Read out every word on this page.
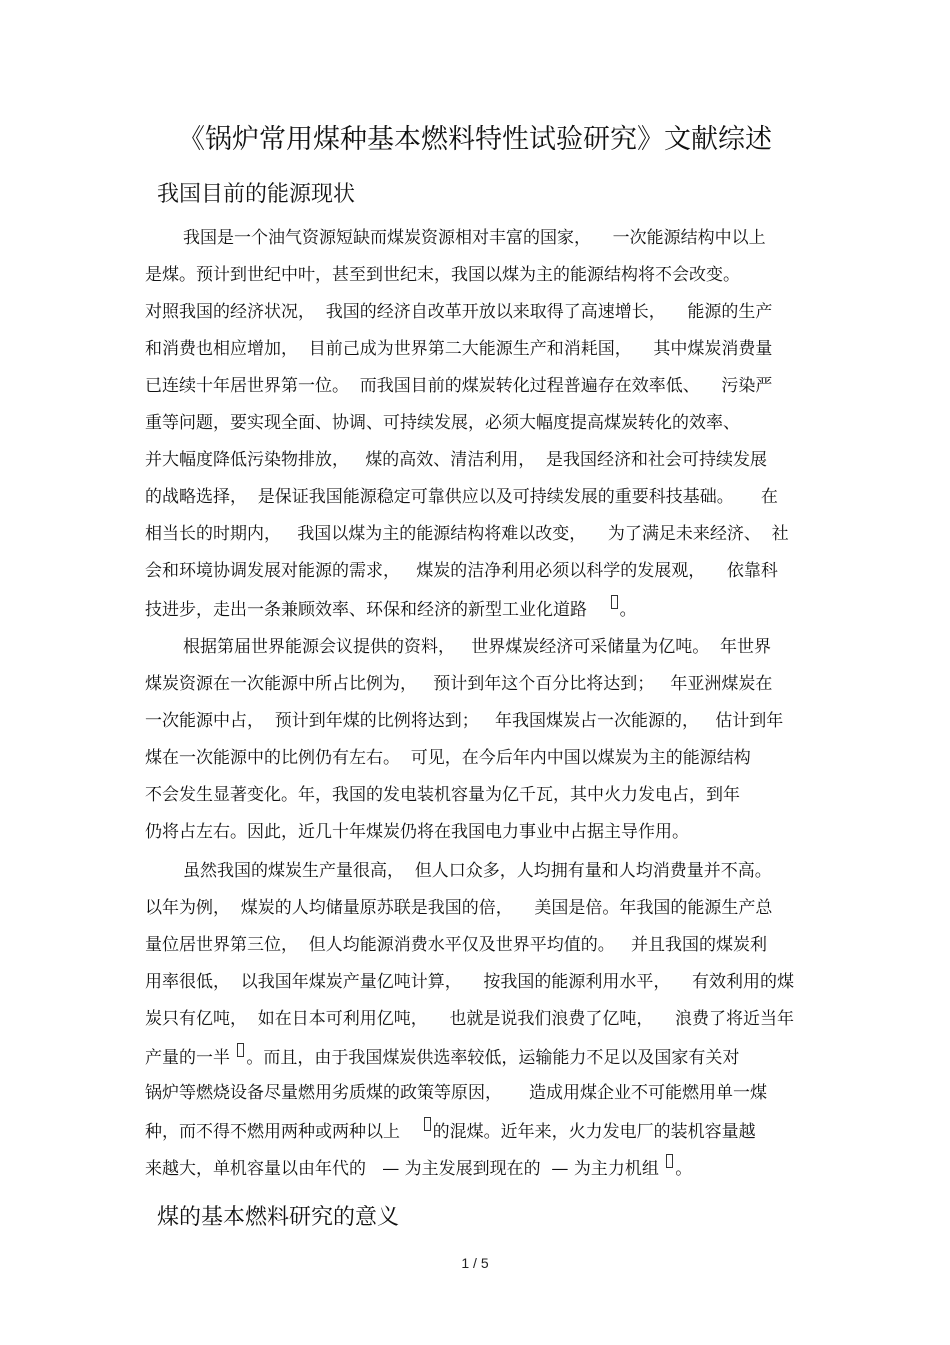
《锅炉常用煤种基本燃料特性试验研究》文献综述
我国目前的能源现状
我国是一个油气资源短缺而煤炭资源相对丰富的国家，    一次能源结构中以上
是煤。预计到世纪中叶，甚至到世纪末，我国以煤为主的能源结构将不会改变。
对照我国的经济状况，  我国的经济自改革开放以来取得了高速增长，    能源的生产
和消费也相应增加，  目前己成为世界第二大能源生产和消耗国，    其中煤炭消费量
已连续十年居世界第一位。  而我国目前的煤炭转化过程普遍存在效率低、    污染严
重等问题，要实现全面、协调、可持续发展，必须大幅度提高煤炭转化的效率、
并大幅度降低污染物排放，   煤的高效、清洁利用，  是我国经济和社会可持续发展
的战略选择，  是保证我国能源稳定可靠供应以及可持续发展的重要科技基础。     在
相当长的时期内，   我国以煤为主的能源结构将难以改变，    为了满足未来经济、  社
会和环境协调发展对能源的需求，   煤炭的洁净利用必须以科学的发展观，    依靠科
技进步，走出一条兼顾效率、环保和经济的新型工业化道路 。
根据第届世界能源会议提供的资料，   世界煤炭经济可采储量为亿吨。  年世界
煤炭资源在一次能源中所占比例为，   预计到年这个百分比将达到；   年亚洲煤炭在
一次能源中占，  预计到年煤的比例将达到；   年我国煤炭占一次能源的，   估计到年
煤在一次能源中的比例仍有左右。  可见，在今后年内中国以煤炭为主的能源结构
不会发生显著变化。年，我国的发电装机容量为亿千瓦，其中火力发电占，到年
仍将占左右。因此，近几十年煤炭仍将在我国电力事业中占据主导作用。
虽然我国的煤炭生产量很高，  但人口众多，人均拥有量和人均消费量并不高。
以年为例，  煤炭的人均储量原苏联是我国的倍，    美国是倍。年我国的能源生产总
量位居世界第三位，  但人均能源消费水平仅及世界平均值的。   并且我国的煤炭利
用率很低，  以我国年煤炭产量亿吨计算，    按我国的能源利用水平，    有效利用的煤
炭只有亿吨，  如在日本可利用亿吨，    也就是说我们浪费了亿吨，    浪费了将近当年
产量的一半 。而且，由于我国煤炭供选率较低，运输能力不足以及国家有关对
锅炉等燃烧设备尽量燃用劣质煤的政策等原因，     造成用煤企业不可能燃用单一煤
种，而不得不燃用两种或两种以上 的混煤。近年来，火力发电厂的装机容量越
来越大，单机容量以由年代的   — 为主发展到现在的  — 为主力机组 。
煤的基本燃料研究的意义
1 / 5
